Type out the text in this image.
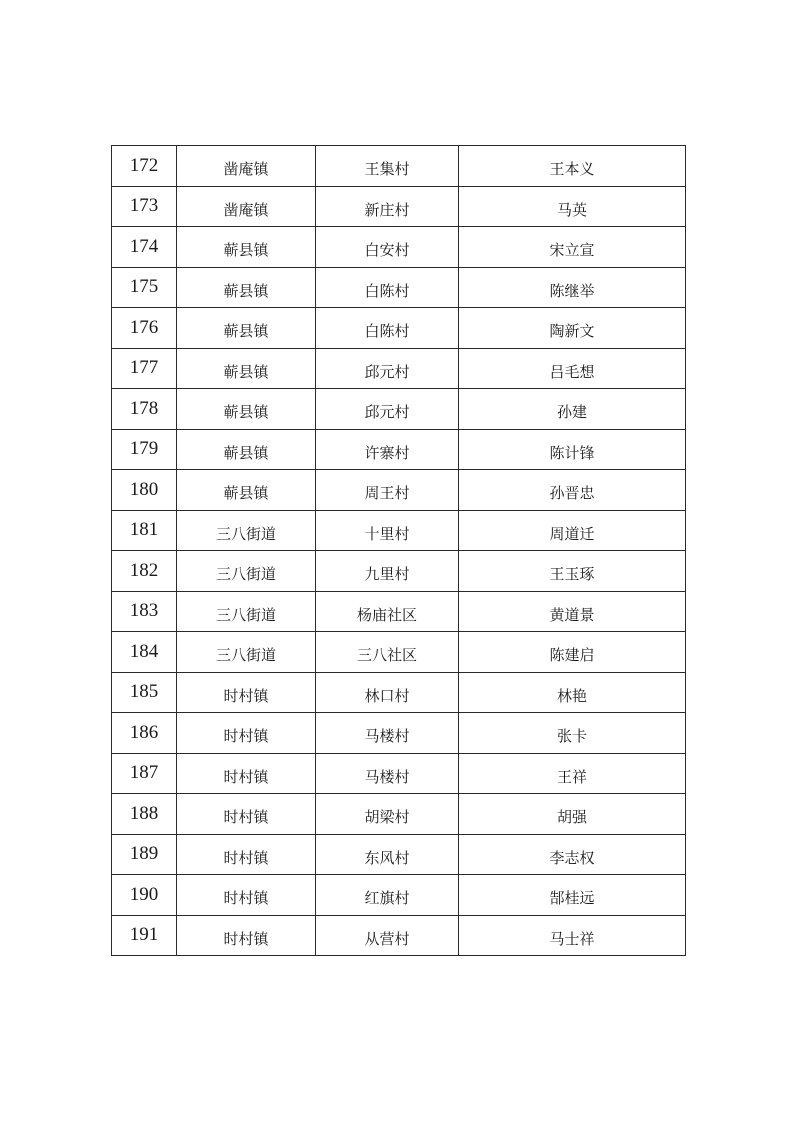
172	凿庵镇	王集村	王本义
173	凿庵镇	新庄村	马英
174	蕲县镇	白安村	宋立宣
175	蕲县镇	白陈村	陈继举
176	蕲县镇	白陈村	陶新文
177	蕲县镇	邱元村	吕毛想
178	蕲县镇	邱元村	孙建
179	蕲县镇	许寨村	陈计锋
180	蕲县镇	周王村	孙晋忠
181	三八街道	十里村	周道迁
182	三八街道	九里村	王玉琢
183	三八街道	杨庙社区	黄道景
184	三八街道	三八社区	陈建启
185	时村镇	林口村	林艳
186	时村镇	马楼村	张卡
187	时村镇	马楼村	王祥
188	时村镇	胡梁村	胡强
189	时村镇	东风村	李志权
190	时村镇	红旗村	郜桂远
191	时村镇	从营村	马士祥
